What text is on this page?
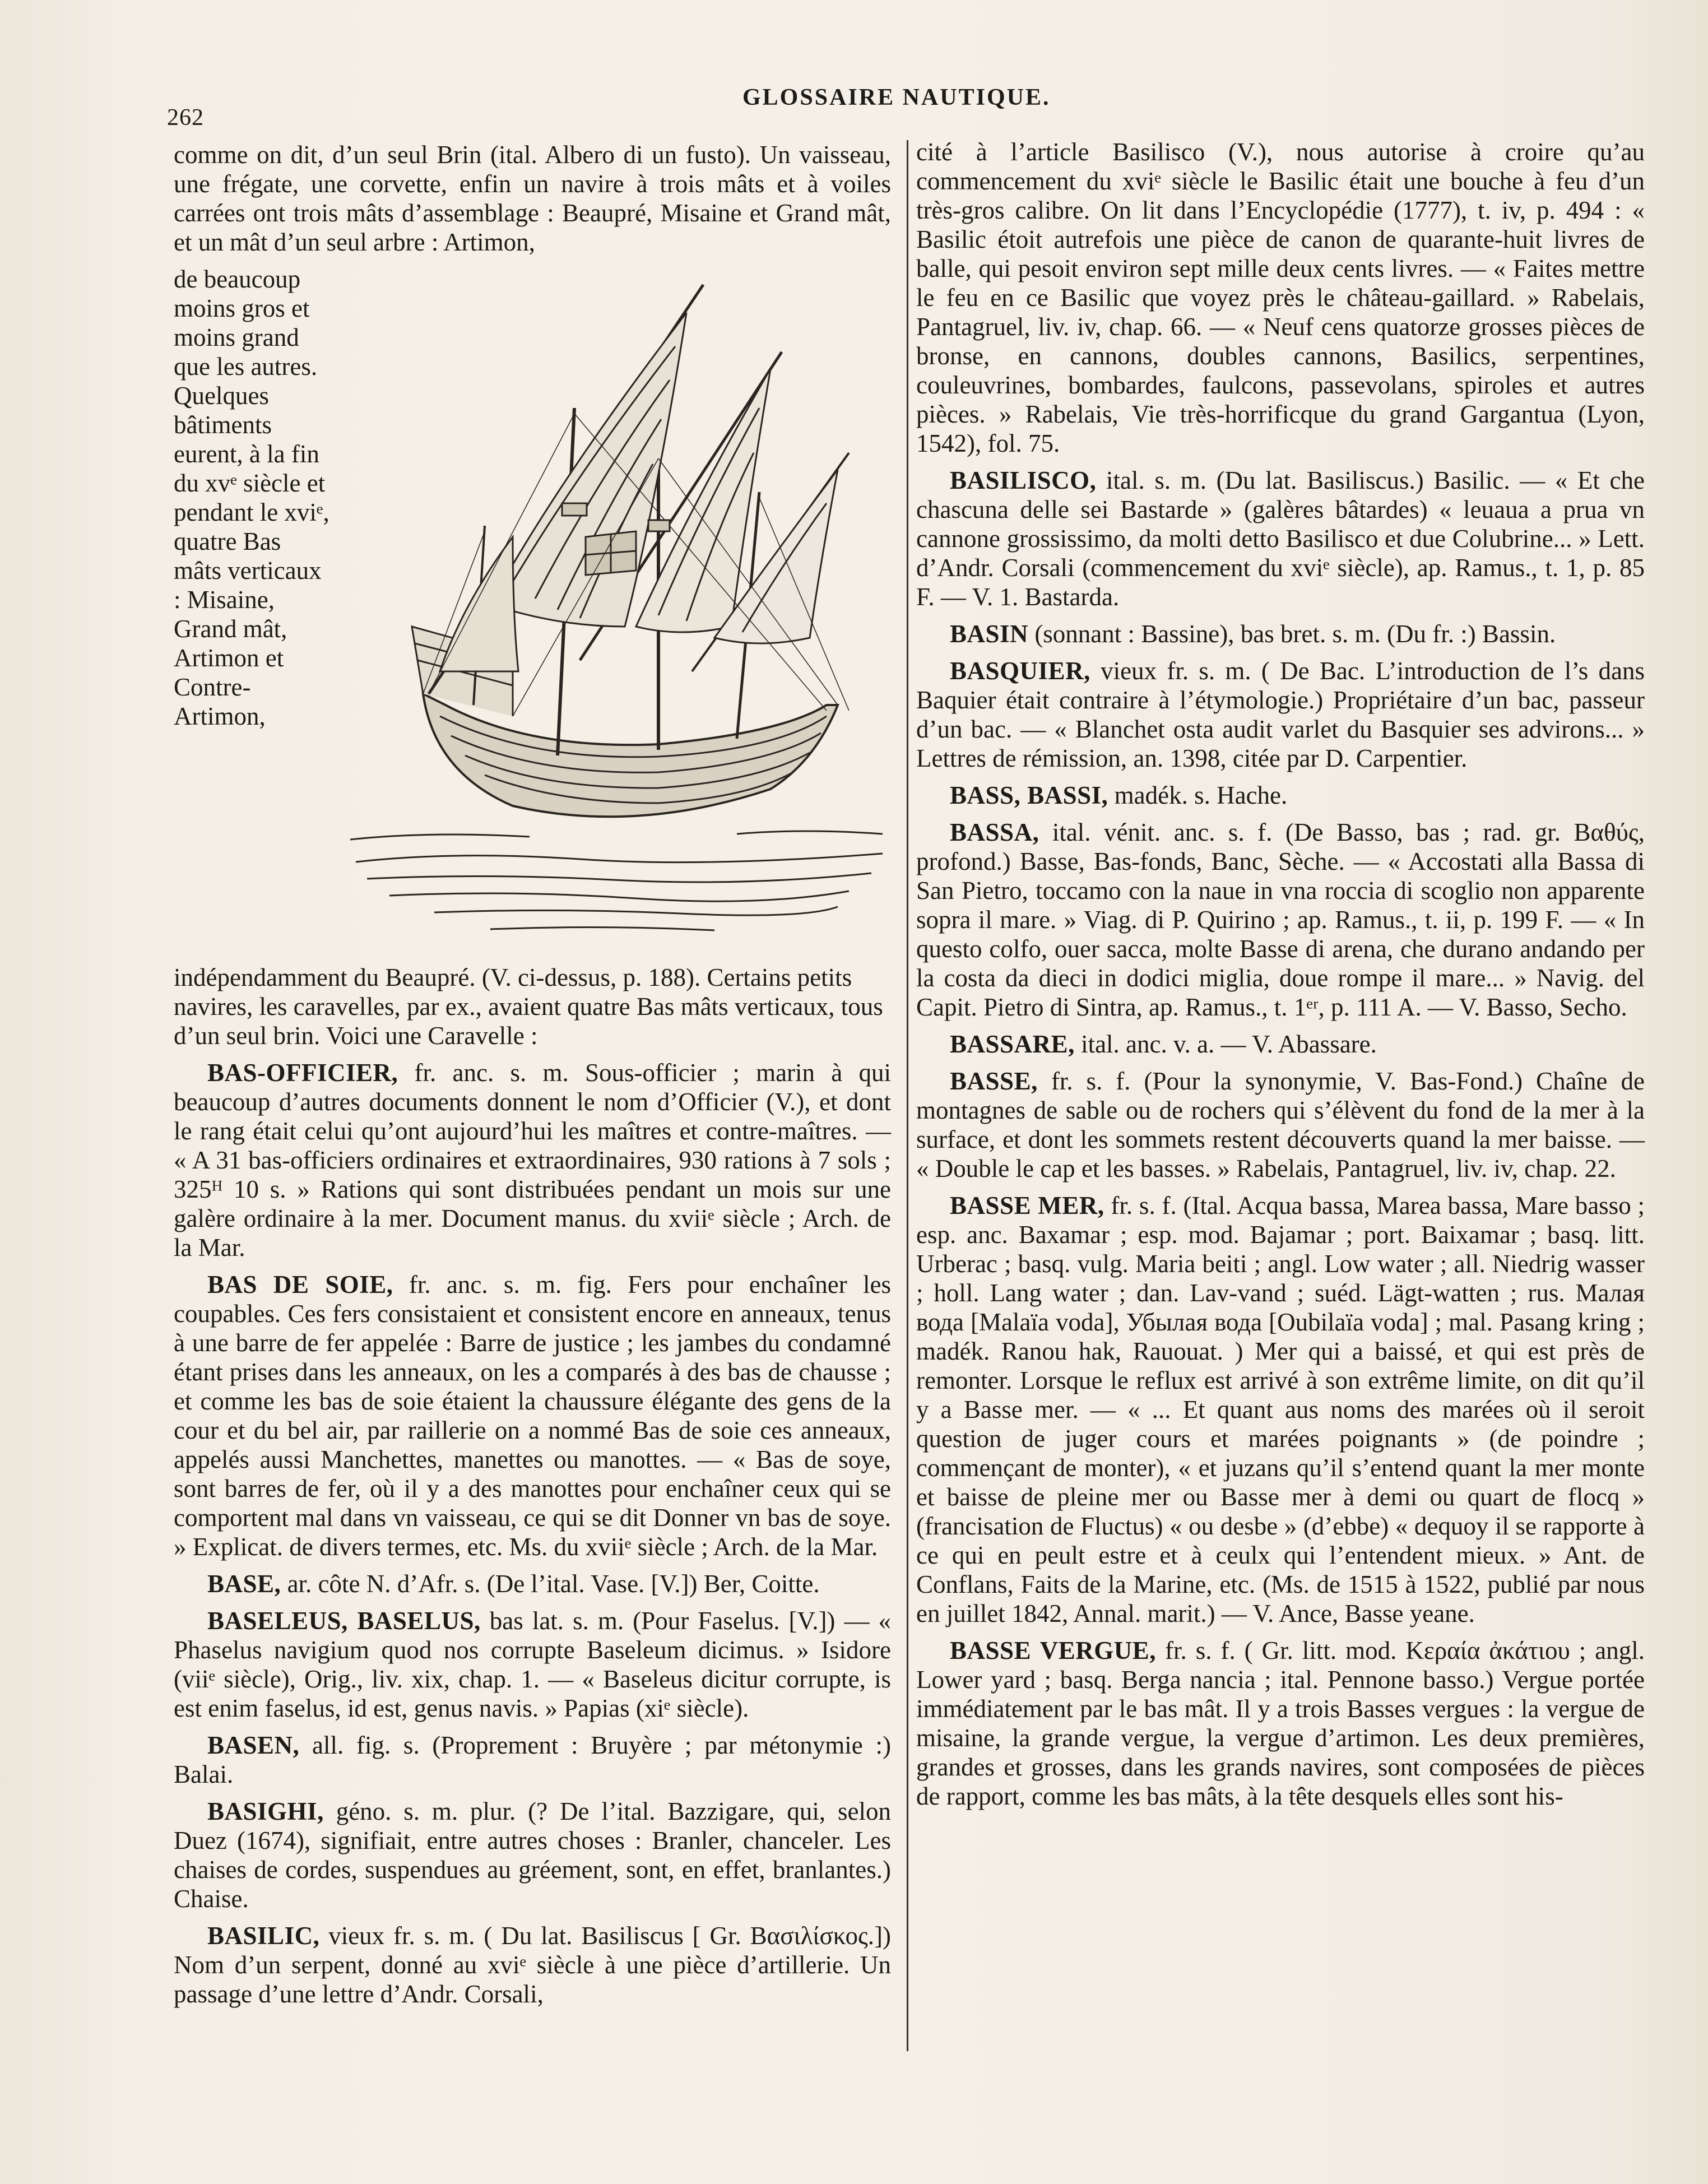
262
GLOSSAIRE NAUTIQUE.

comme on dit, d’un seul Brin (ital. Albero di un fusto). Un vaisseau, une frégate, une corvette, enfin un navire à trois mâts et à voiles carrées ont trois mâts d’assemblage : Beaupré, Misaine et Grand mât, et un mât d’un seul arbre : Artimon,

de beaucoup moins gros et moins grand que les autres. Quelques bâtiments eurent, à la fin du xvᵉ siècle et pendant le xviᵉ, quatre Bas mâts verticaux : Misaine, Grand mât, Artimon et Contre-Artimon, indépendamment du Beaupré. (V. ci-dessus, p. 188). Certains petits navires, les caravelles, par ex., avaient quatre Bas mâts verticaux, tous d’un seul brin. Voici une Caravelle :

BAS-OFFICIER, fr. anc. s. m. Sous-officier ; marin à qui beaucoup d’autres documents donnent le nom d’Officier (V.), et dont le rang était celui qu’ont aujourd’hui les maîtres et contre-maîtres. — « A 31 bas-officiers ordinaires et extraordinaires, 930 rations à 7 sols ; 325ᴴ 10 s. » Rations qui sont distribuées pendant un mois sur une galère ordinaire à la mer. Document manus. du xviiᵉ siècle ; Arch. de la Mar.

BAS DE SOIE, fr. anc. s. m. fig. Fers pour enchaîner les coupables. Ces fers consistaient et consistent encore en anneaux, tenus à une barre de fer appelée : Barre de justice ; les jambes du condamné étant prises dans les anneaux, on les a comparés à des bas de chausse ; et comme les bas de soie étaient la chaussure élégante des gens de la cour et du bel air, par raillerie on a nommé Bas de soie ces anneaux, appelés aussi Manchettes, manettes ou manottes. — « Bas de soye, sont barres de fer, où il y a des manottes pour enchaîner ceux qui se comportent mal dans vn vaisseau, ce qui se dit Donner vn bas de soye. » Explicat. de divers termes, etc. Ms. du xviiᵉ siècle ; Arch. de la Mar.

BASE, ar. côte N. d’Afr. s. (De l’ital. Vase. [V.]) Ber, Coitte.

BASELEUS, BASELUS, bas lat. s. m. (Pour Faselus. [V.]) — « Phaselus navigium quod nos corrupte Baseleum dicimus. » Isidore (viiᵉ siècle), Orig., liv. xix, chap. 1. — « Baseleus dicitur corrupte, is est enim faselus, id est, genus navis. » Papias (xiᵉ siècle).

BASEN, all. fig. s. (Proprement : Bruyère ; par métonymie :) Balai.

BASIGHI, géno. s. m. plur. (? De l’ital. Bazzigare, qui, selon Duez (1674), signifiait, entre autres choses : Branler, chanceler. Les chaises de cordes, suspendues au gréement, sont, en effet, branlantes.) Chaise.

BASILIC, vieux fr. s. m. ( Du lat. Basiliscus [ Gr. Βασιλίσκος.]) Nom d’un serpent, donné au xviᵉ siècle à une pièce d’artillerie. Un passage d’une lettre d’Andr. Corsali,

cité à l’article Basilisco (V.), nous autorise à croire qu’au commencement du xviᵉ siècle le Basilic était une bouche à feu d’un très-gros calibre. On lit dans l’Encyclopédie (1777), t. iv, p. 494 : « Basilic étoit autrefois une pièce de canon de quarante-huit livres de balle, qui pesoit environ sept mille deux cents livres. — « Faites mettre le feu en ce Basilic que voyez près le château-gaillard. » Rabelais, Pantagruel, liv. iv, chap. 66. — « Neuf cens quatorze grosses pièces de bronse, en cannons, doubles cannons, Basilics, serpentines, couleuvrines, bombardes, faulcons, passevolans, spiroles et autres pièces. » Rabelais, Vie très-horrificque du grand Gargantua (Lyon, 1542), fol. 75.

BASILISCO, ital. s. m. (Du lat. Basiliscus.) Basilic. — « Et che chascuna delle sei Bastarde » (galères bâtardes) « leuaua a prua vn cannone grossissimo, da molti detto Basilisco et due Colubrine... » Lett. d’Andr. Corsali (commencement du xviᵉ siècle), ap. Ramus., t. 1, p. 85 F. — V. 1. Bastarda.

BASIN (sonnant : Bassine), bas bret. s. m. (Du fr. :) Bassin.

BASQUIER, vieux fr. s. m. ( De Bac. L’introduction de l’s dans Baquier était contraire à l’étymologie.) Propriétaire d’un bac, passeur d’un bac. — « Blanchet osta audit varlet du Basquier ses advirons... » Lettres de rémission, an. 1398, citée par D. Carpentier.

BASS, BASSI, madék. s. Hache.

BASSA, ital. vénit. anc. s. f. (De Basso, bas ; rad. gr. Βαθύς, profond.) Basse, Bas-fonds, Banc, Sèche. — « Accostati alla Bassa di San Pietro, toccamo con la naue in vna roccia di scoglio non apparente sopra il mare. » Viag. di P. Quirino ; ap. Ramus., t. ii, p. 199 F. — « In questo colfo, ouer sacca, molte Basse di arena, che durano andando per la costa da dieci in dodici miglia, doue rompe il mare... » Navig. del Capit. Pietro di Sintra, ap. Ramus., t. 1ᵉʳ, p. 111 A. — V. Basso, Secho.

BASSARE, ital. anc. v. a. — V. Abassare.

BASSE, fr. s. f. (Pour la synonymie, V. Bas-Fond.) Chaîne de montagnes de sable ou de rochers qui s’élèvent du fond de la mer à la surface, et dont les sommets restent découverts quand la mer baisse. — « Double le cap et les basses. » Rabelais, Pantagruel, liv. iv, chap. 22.

BASSE MER, fr. s. f. (Ital. Acqua bassa, Marea bassa, Mare basso ; esp. anc. Baxamar ; esp. mod. Bajamar ; port. Baixamar ; basq. litt. Urberac ; basq. vulg. Maria beiti ; angl. Low water ; all. Niedrig wasser ; holl. Lang water ; dan. Lav-vand ; suéd. Lägt-watten ; rus. Малая вода [Malaïa voda], Убылая вода [Oubilaïa voda] ; mal. Pasang kring ; madék. Ranou hak, Rauouat. ) Mer qui a baissé, et qui est près de remonter. Lorsque le reflux est arrivé à son extrême limite, on dit qu’il y a Basse mer. — « ... Et quant aus noms des marées où il seroit question de juger cours et marées poignants » (de poindre ; commençant de monter), « et juzans qu’il s’entend quant la mer monte et baisse de pleine mer ou Basse mer à demi ou quart de flocq » (francisation de Fluctus) « ou desbe » (d’ebbe) « dequoy il se rapporte à ce qui en peult estre et à ceulx qui l’entendent mieux. » Ant. de Conflans, Faits de la Marine, etc. (Ms. de 1515 à 1522, publié par nous en juillet 1842, Annal. marit.) — V. Ance, Basse yeane.

BASSE VERGUE, fr. s. f. ( Gr. litt. mod. Κεραία ἀκάτιου ; angl. Lower yard ; basq. Berga nancia ; ital. Pennone basso.) Vergue portée immédiatement par le bas mât. Il y a trois Basses vergues : la vergue de misaine, la grande vergue, la vergue d’artimon. Les deux premières, grandes et grosses, dans les grands navires, sont composées de pièces de rapport, comme les bas mâts, à la tête desquels elles sont his-
